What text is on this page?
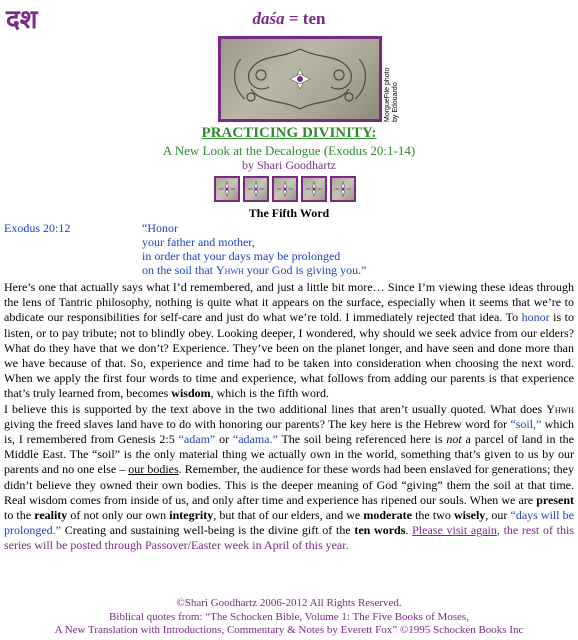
दश	daśa = ten
MorgueFile photo
by Edouardo
PRACTICING DIVINITY:
A New Look at the Decalogue (Exodus 20:1-14)
by Shari Goodhartz
The Fifth Word
Exodus 20:12	“Honor
your father and mother,
in order that your days may be prolonged
on the soil that Yhwh your God is giving you.”

Here’s one that actually says what I’d remembered, and just a little bit more… Since I’m viewing these ideas through the lens of Tantric philosophy, nothing is quite what it appears on the surface, especially when it seems that we’re to abdicate our responsibilities for self-care and just do what we’re told. I immediately rejected that idea. To honor is to listen, or to pay tribute; not to blindly obey. Looking deeper, I wondered, why should we seek advice from our elders? What do they have that we don’t? Experience. They’ve been on the planet longer, and have seen and done more than we have because of that. So, experience and time had to be taken into consideration when choosing the next word. When we apply the first four words to time and experience, what follows from adding our parents is that experience that’s truly learned from, becomes wisdom, which is the fifth word.

I believe this is supported by the text above in the two additional lines that aren’t usually quoted. What does Yhwh giving the freed slaves land have to do with honoring our parents? The key here is the Hebrew word for “soil,” which is, I remembered from Genesis 2:5 “adam” or “adama.” The soil being referenced here is not a parcel of land in the Middle East. The “soil” is the only material thing we actually own in the world, something that’s given to us by our parents and no one else – our bodies. Remember, the audience for these words had been enslaved for generations; they didn’t believe they owned their own bodies. This is the deeper meaning of God “giving” them the soil at that time. Real wisdom comes from inside of us, and only after time and experience has ripened our souls. When we are present to the reality of not only our own integrity, but that of our elders, and we moderate the two wisely, our “days will be prolonged.” Creating and sustaining well-being is the divine gift of the ten words. Please visit again, the rest of this series will be posted through Passover/Easter week in April of this year.

©Shari Goodhartz 2006-2012 All Rights Reserved.
Biblical quotes from: “The Schocken Bible, Volume 1: The Five Books of Moses,
A New Translation with Introductions, Commentary & Notes by Everett Fox” ©1995 Schocken Books Inc
